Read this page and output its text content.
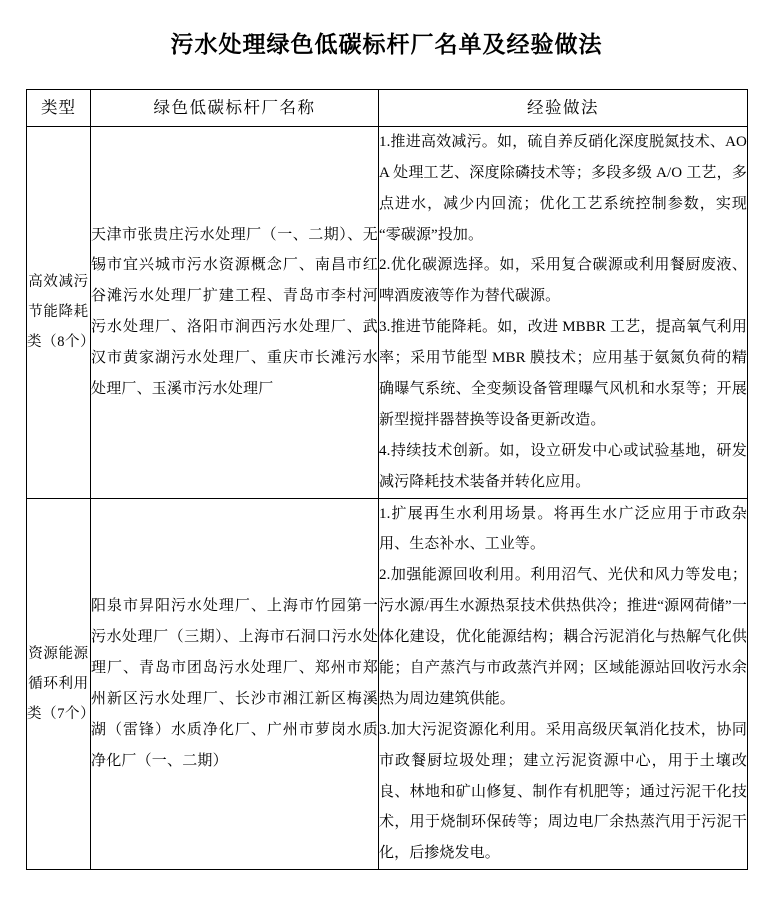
污水处理绿色低碳标杆厂名单及经验做法
类型	绿色低碳标杆厂名称	经验做法

高效减污节能降耗类（8个）	天津市张贵庄污水处理厂（一、二期）、无锡市宜兴城市污水资源概念厂、南昌市红谷滩污水处理厂扩建工程、青岛市李村河污水处理厂、洛阳市涧西污水处理厂、武汉市黄家湖污水处理厂、重庆市长滩污水处理厂、玉溪市污水处理厂	1.推进高效减污。如，硫自养反硝化深度脱氮技术、AOA 处理工艺、深度除磷技术等；多段多级 A/O 工艺，多点进水，减少内回流；优化工艺系统控制参数，实现“零碳源”投加。

2.优化碳源选择。如，采用复合碳源或利用餐厨废液、啤酒废液等作为替代碳源。

3.推进节能降耗。如，改进 MBBR 工艺，提高氧气利用率；采用节能型 MBR 膜技术；应用基于氨氮负荷的精确曝气系统、全变频设备管理曝气风机和水泵等；开展新型搅拌器替换等设备更新改造。

4.持续技术创新。如，设立研发中心或试验基地，研发减污降耗技术装备并转化应用。

资源能源循环利用类（7个）	阳泉市昇阳污水处理厂、上海市竹园第一污水处理厂（三期）、上海市石洞口污水处理厂、青岛市团岛污水处理厂、郑州市郑州新区污水处理厂、长沙市湘江新区梅溪湖（雷锋）水质净化厂、广州市萝岗水质净化厂（一、二期）	1.扩展再生水利用场景。将再生水广泛应用于市政杂用、生态补水、工业等。

2.加强能源回收利用。利用沼气、光伏和风力等发电；污水源/再生水源热泵技术供热供冷；推进“源网荷储”一体化建设，优化能源结构；耦合污泥消化与热解气化供能；自产蒸汽与市政蒸汽并网；区域能源站回收污水余热为周边建筑供能。

3.加大污泥资源化利用。采用高级厌氧消化技术，协同市政餐厨垃圾处理；建立污泥资源中心，用于土壤改良、林地和矿山修复、制作有机肥等；通过污泥干化技术，用于烧制环保砖等；周边电厂余热蒸汽用于污泥干化，后掺烧发电。
